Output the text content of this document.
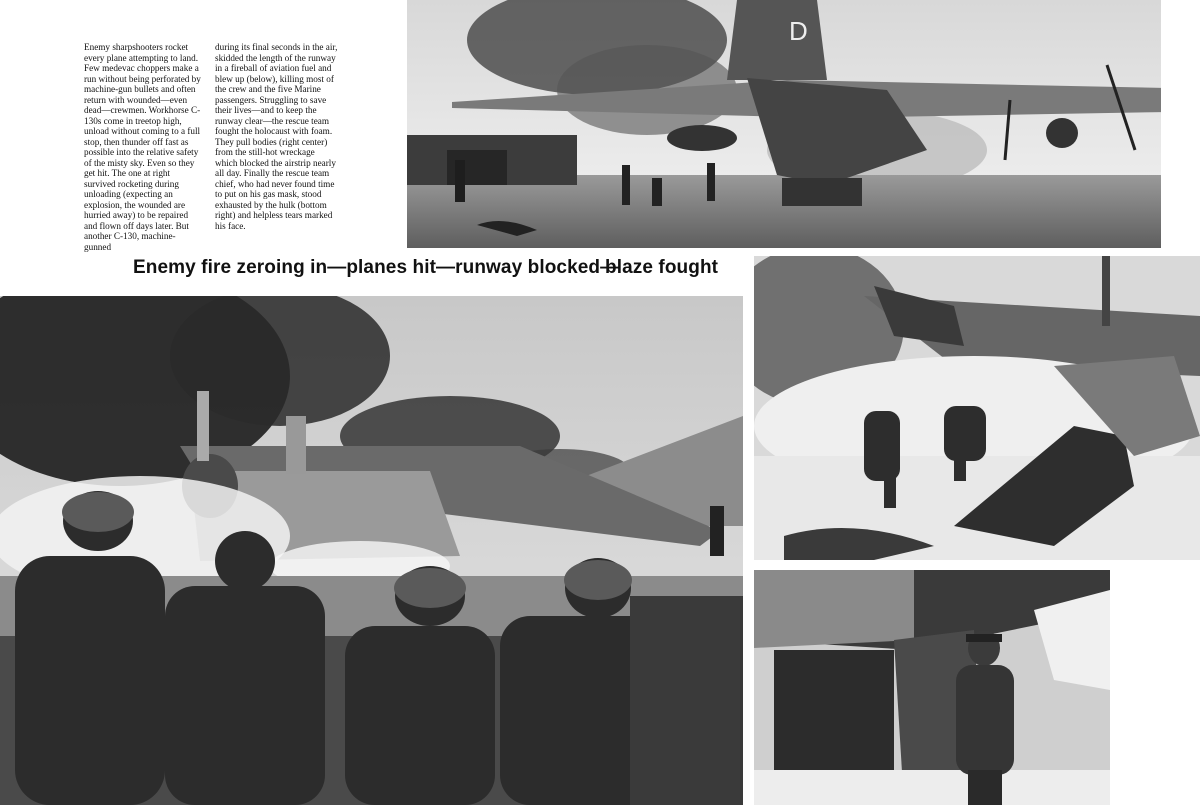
Enemy sharpshooters rocket every plane attempting to land. Few medevac choppers make a run without being perforated by machine-gun bullets and often return with wounded—even dead—crewmen. Workhorse C-130s come in treetop high, unload without coming to a full stop, then thunder off fast as possible into the relative safety of the misty sky. Even so they get hit. The one at right survived rocketing during unloading (expecting an explosion, the wounded are hurried away) to be repaired and flown off days later. But another C-130, machine-gunned
during its final seconds in the air, skidded the length of the runway in a fireball of aviation fuel and blew up (below), killing most of the crew and the five Marine passengers. Struggling to save their lives—and to keep the runway clear—the rescue team fought the holocaust with foam. They pull bodies (right center) from the still-hot wreckage which blocked the airstrip nearly all day. Finally the rescue team chief, who had never found time to put on his gas mask, stood exhausted by the hulk (bottom right) and helpless tears marked his face.
D
Enemy fire zeroing in—planes hit—runway blocked—
blaze fought
